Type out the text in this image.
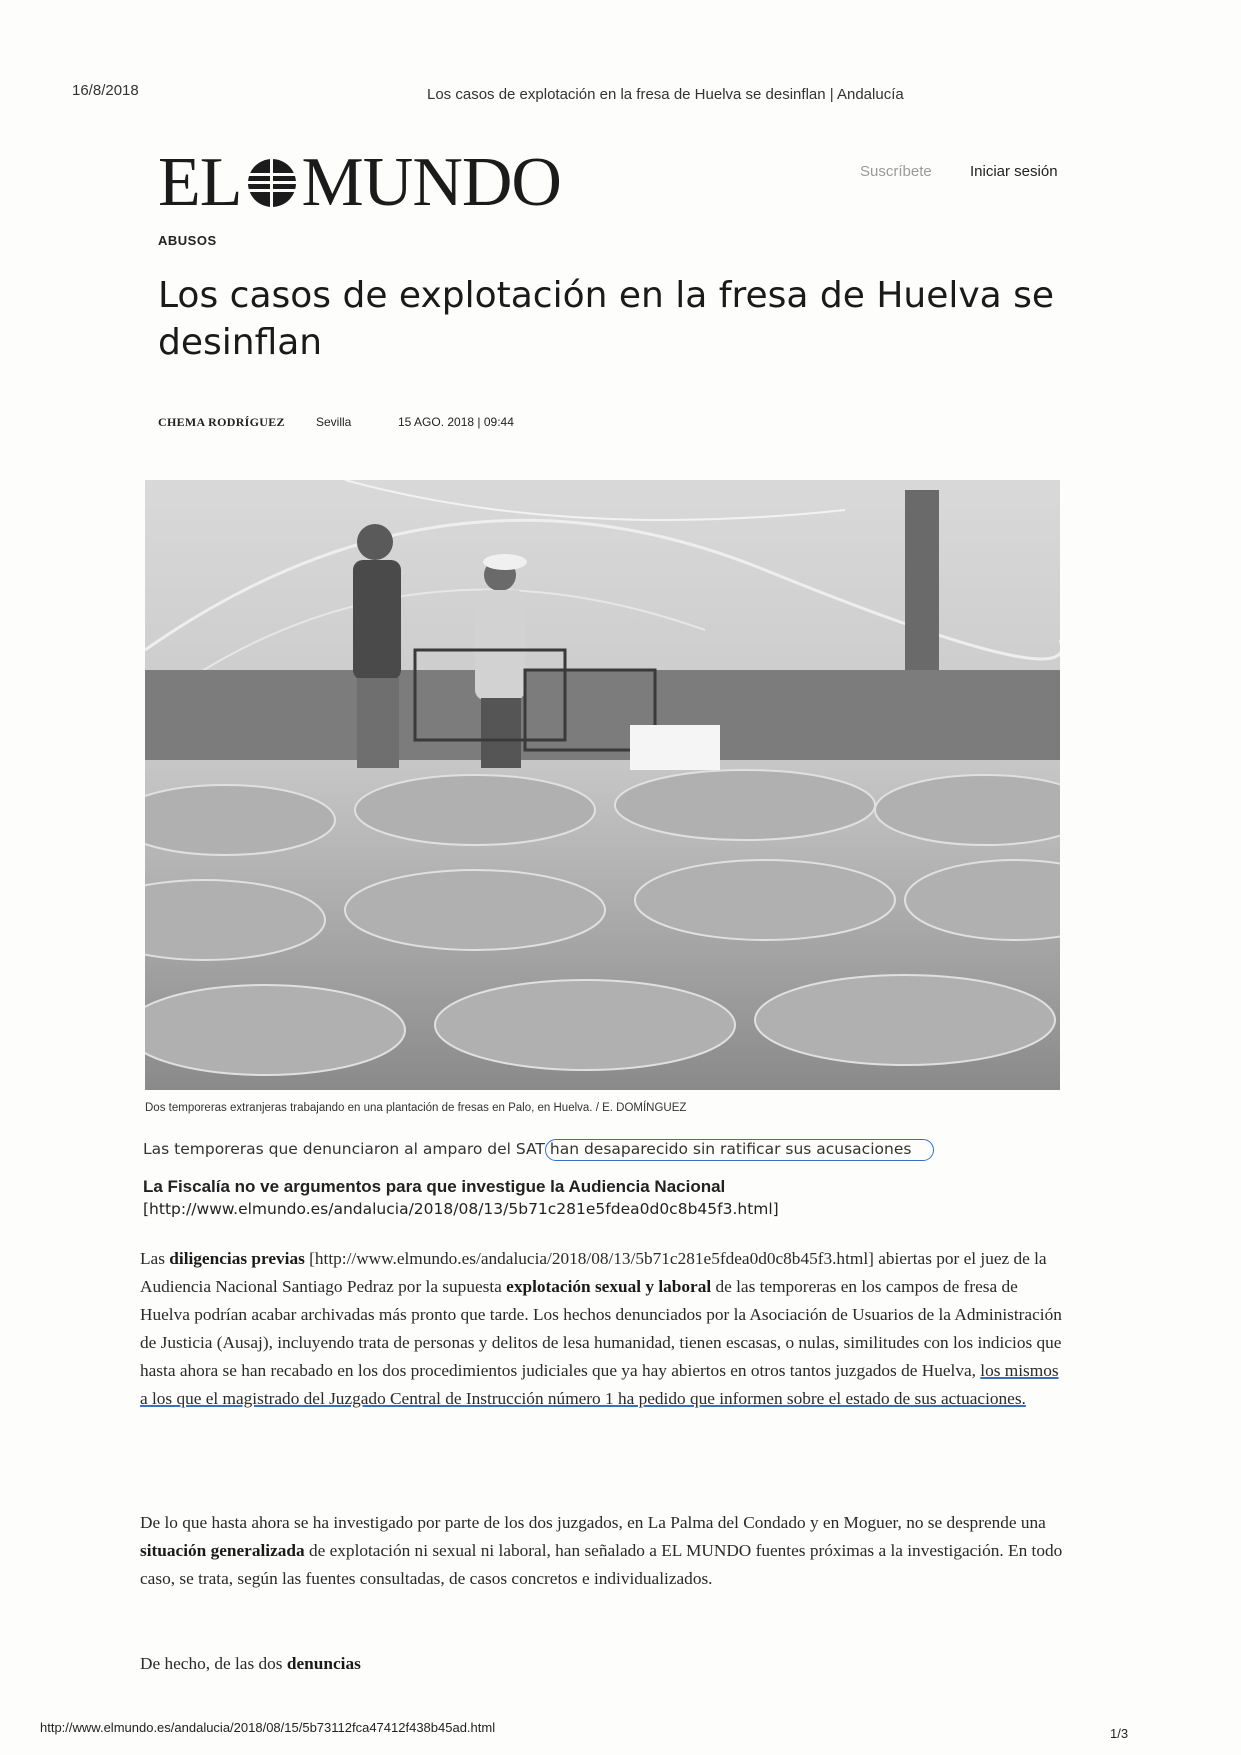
16/8/2018	Los casos de explotación en la fresa de Huelva se desinflan | Andalucía
EL MUNDO	Suscríbete	Iniciar sesión
ABUSOS
Los casos de explotación en la fresa de Huelva se desinflan
CHEMA RODRÍGUEZ	Sevilla	15 AGO. 2018 | 09:44
Dos temporeras extranjeras trabajando en una plantación de fresas en Palo, en Huelva. / E. DOMÍNGUEZ
Las temporeras que denunciaron al amparo del SAT han desaparecido sin ratificar sus acusaciones
La Fiscalía no ve argumentos para que investigue la Audiencia Nacional
[http://www.elmundo.es/andalucia/2018/08/13/5b71c281e5fdea0d0c8b45f3.html]

Las diligencias previas [http://www.elmundo.es/andalucia/2018/08/13/5b71c281e5fdea0d0c8b45f3.html] abiertas por el juez de la Audiencia Nacional Santiago Pedraz por la supuesta explotación sexual y laboral de las temporeras en los campos de fresa de Huelva podrían acabar archivadas más pronto que tarde. Los hechos denunciados por la Asociación de Usuarios de la Administración de Justicia (Ausaj), incluyendo trata de personas y delitos de lesa humanidad, tienen escasas, o nulas, similitudes con los indicios que hasta ahora se han recabado en los dos procedimientos judiciales que ya hay abiertos en otros tantos juzgados de Huelva, los mismos a los que el magistrado del Juzgado Central de Instrucción número 1 ha pedido que informen sobre el estado de sus actuaciones.

De lo que hasta ahora se ha investigado por parte de los dos juzgados, en La Palma del Condado y en Moguer, no se desprende una situación generalizada de explotación ni sexual ni laboral, han señalado a EL MUNDO fuentes próximas a la investigación. En todo caso, se trata, según las fuentes consultadas, de casos concretos e individualizados.

De hecho, de las dos denuncias

http://www.elmundo.es/andalucia/2018/08/15/5b73112fca47412f438b45ad.html	1/3
